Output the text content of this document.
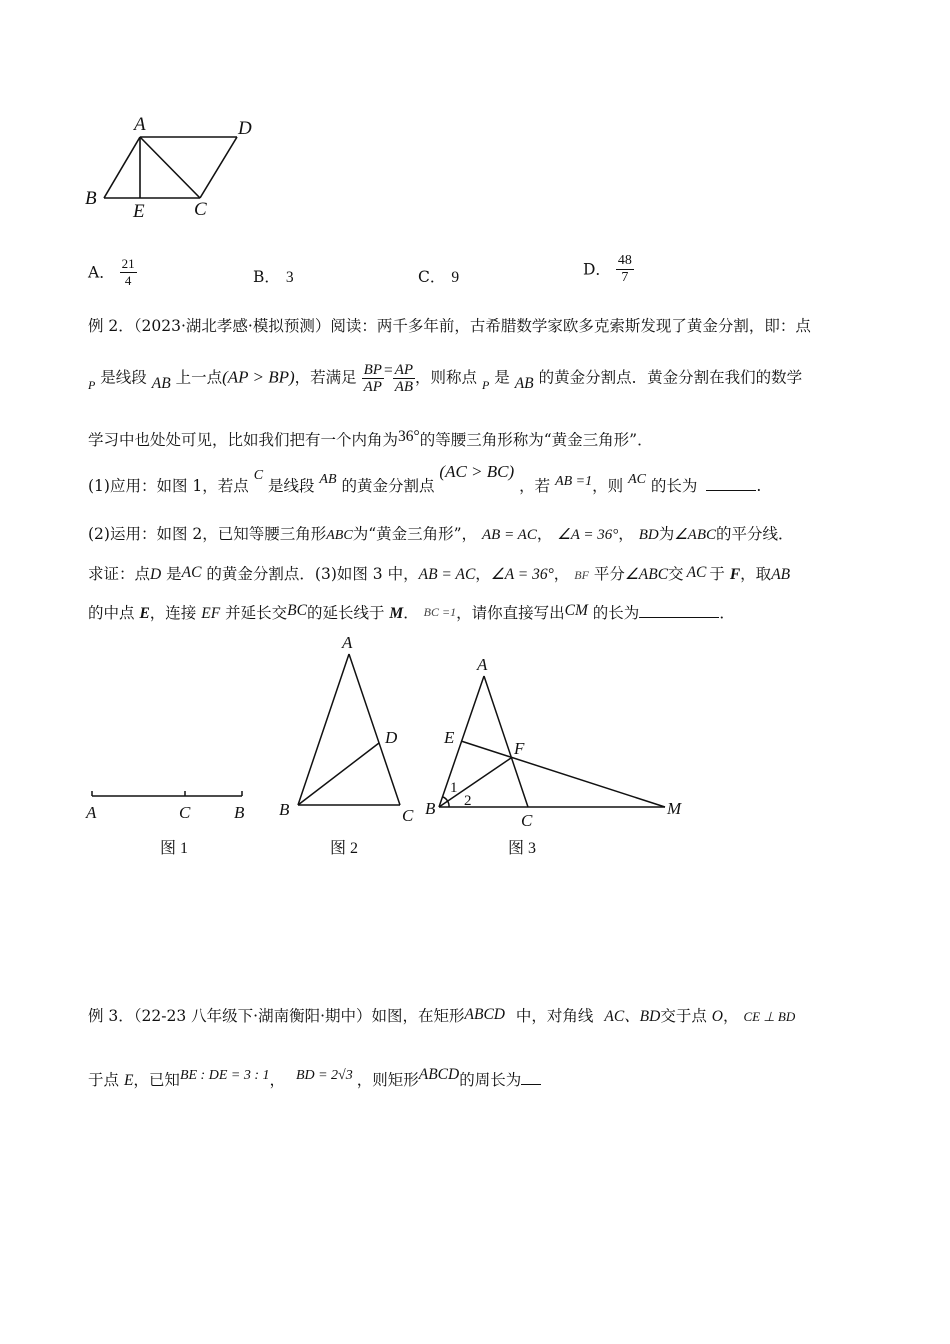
A	D
B
E	C
A． $\frac{21}{4}$	B． 3	C． 9	D． $\frac{48}{7}$
例 2．（2023·湖北孝感·模拟预测）阅读：两千多年前，古希腊数学家欧多克索斯发现了黄金分割，即：点
$_P$ 是线段 AB 上一点(AP > BP)，若满足 $\frac{BP}{AP} = \frac{AP}{AB}$ ，则称点 $_P$ 是 AB 的黄金分割点．黄金分割在我们的数学
学习中也处处可见，比如我们把有一个内角为36°的等腰三角形称为“黄金三角形”．
(1)应用：如图 1，若点 C 是线段 AB 的黄金分割点 (AC > BC) ，若 AB =1，则 AC 的长为	.
(2)运用：如图 2，已知等腰三角形ABC为“黄金三角形”， AB = AC， ∠A = 36°， BD为∠ABC的平分线．
求证：点D 是AC 的黄金分割点．(3)如图 3 中，AB = AC，∠A = 36°， BF 平分∠ABC交 AC 于 F，取AB
的中点 E，连接 EF 并延长交BC的延长线于 M． BC =1，请你直接写出CM 的长为	．
A	C	B
图 1
A
D
B	C
图 2
A
E
F
B
C
M
1
2
图 3
例 3．（22-23 八年级下·湖南衡阳·期中）如图，在矩形ABCD 中，对角线 AC、BD交于点 O， CE ⊥ BD
于点 E，已知BE : DE = 3 : 1， BD = 2√3 ，则矩形ABCD的周长为
